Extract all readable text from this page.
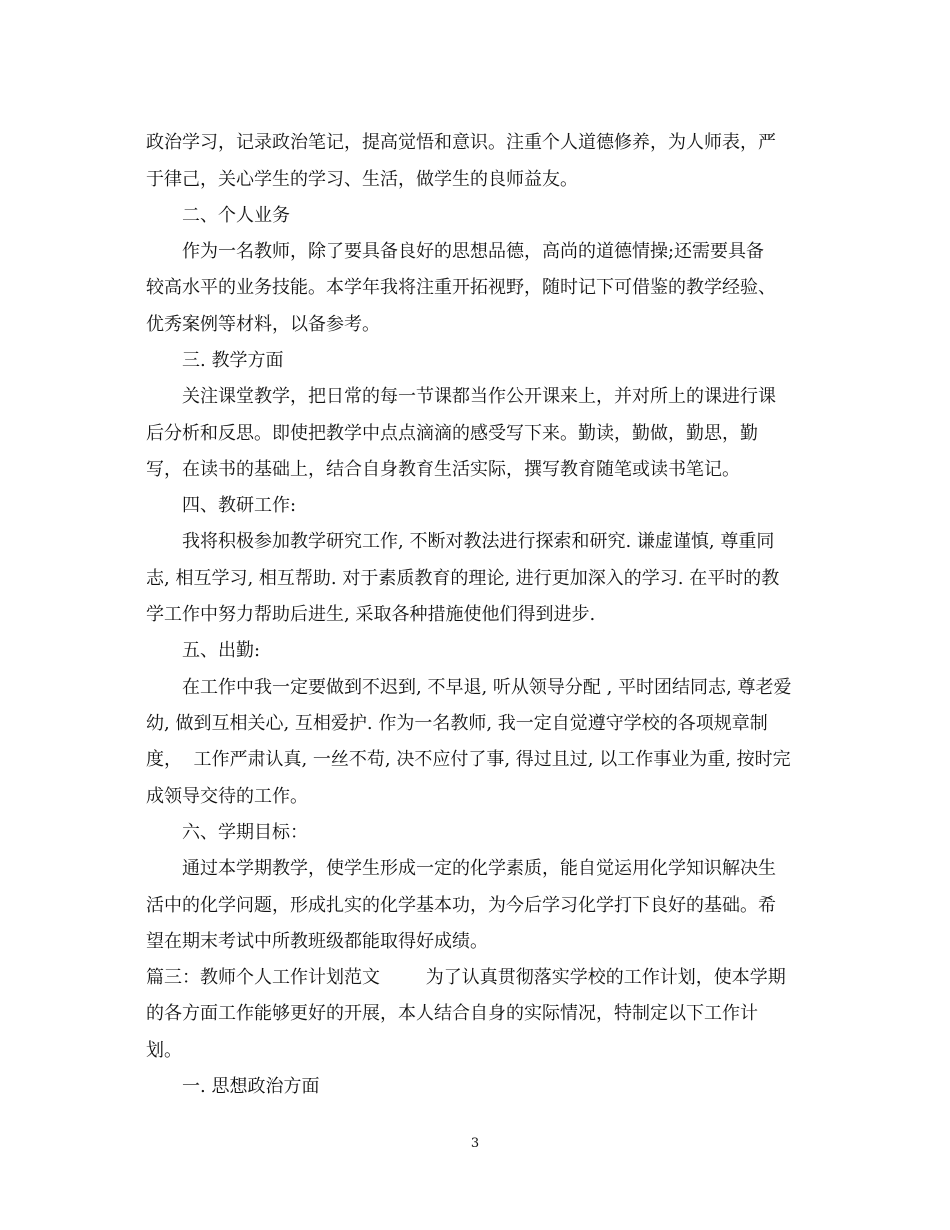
政治学习，记录政治笔记，提高觉悟和意识。注重个人道德修养，为人师表，严
于律己，关心学生的学习、生活，做学生的良师益友。
二、个人业务
作为一名教师，除了要具备良好的思想品德，高尚的道德情操;还需要具备
较高水平的业务技能。本学年我将注重开拓视野，随时记下可借鉴的教学经验、
优秀案例等材料，以备参考。
三. 教学方面
关注课堂教学，把日常的每一节课都当作公开课来上，并对所上的课进行课
后分析和反思。即使把教学中点点滴滴的感受写下来。勤读，勤做，勤思，勤
写，在读书的基础上，结合自身教育生活实际，撰写教育随笔或读书笔记。
四、教研工作:
我将积极参加教学研究工作, 不断对教法进行探索和研究. 谦虚谨慎, 尊重同
志, 相互学习, 相互帮助. 对于素质教育的理论, 进行更加深入的学习. 在平时的教
学工作中努力帮助后进生, 采取各种措施使他们得到进步.
五、出勤:
在工作中我一定要做到不迟到, 不早退, 听从领导分配 , 平时团结同志, 尊老爱
幼, 做到互相关心, 互相爱护. 作为一名教师, 我一定自觉遵守学校的各项规章制
度，  工作严肃认真, 一丝不苟, 决不应付了事, 得过且过, 以工作事业为重, 按时完
成领导交待的工作。
六、学期目标：
通过本学期教学，使学生形成一定的化学素质，能自觉运用化学知识解决生
活中的化学问题，形成扎实的化学基本功，为今后学习化学打下良好的基础。希
望在期末考试中所教班级都能取得好成绩。
篇三：教师个人工作计划范文        为了认真贯彻落实学校的工作计划，使本学期
的各方面工作能够更好的开展，本人结合自身的实际情况，特制定以下工作计
划。
一. 思想政治方面
3
